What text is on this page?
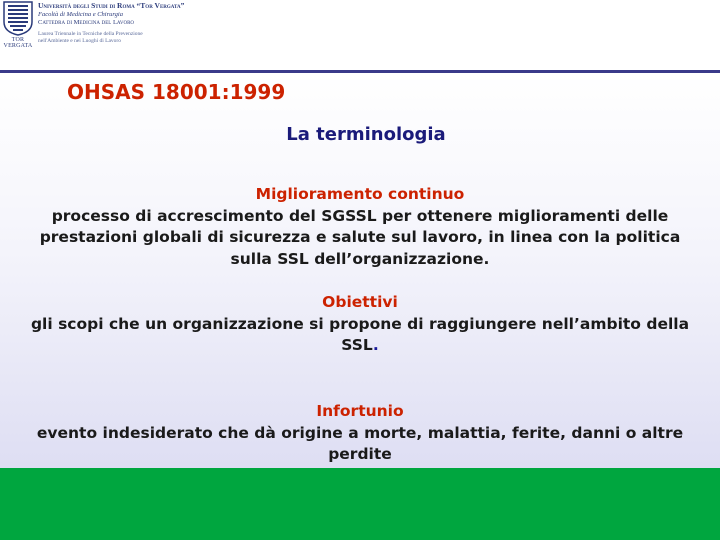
TOR VERGATA
Università degli Studi di Roma “Tor Vergata”
Facoltà di Medicina e Chirurgia
Cattedra di Medicina del Lavoro
Laurea Triennale in Tecniche della Prevenzione
nell'Ambiente e nei Luoghi di Lavoro
OHSAS 18001:1999
La terminologia
Miglioramento continuo
processo di accrescimento del SGSSL per ottenere miglioramenti delle prestazioni globali di sicurezza e salute sul lavoro, in linea con la politica sulla SSL dell’organizzazione.
Obiettivi
gli scopi che un organizzazione si propone di raggiungere nell’ambito della SSL.
Infortunio
evento indesiderato che dà origine a morte, malattia, ferite, danni o altre perdite
